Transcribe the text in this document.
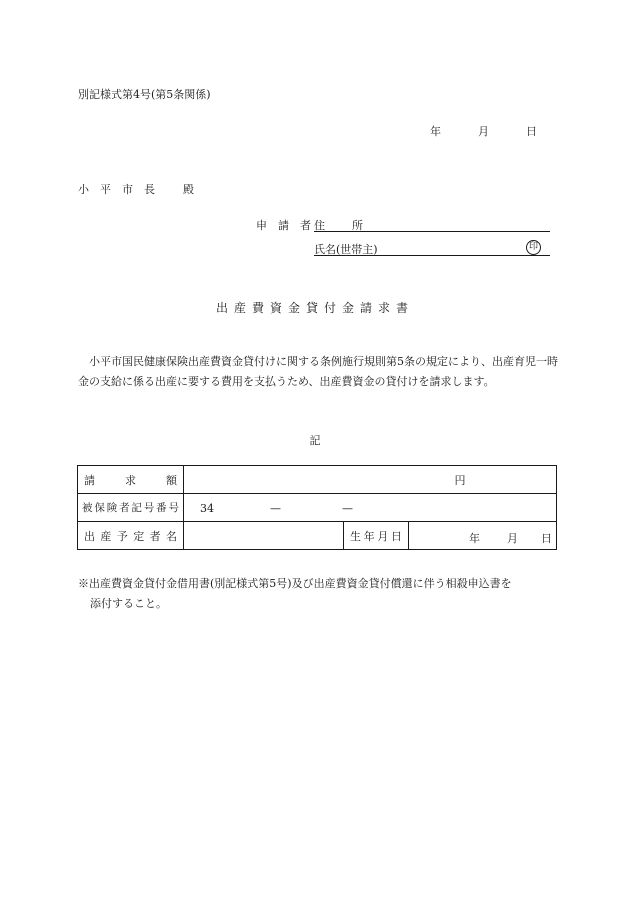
別記様式第4号(第5条関係)
年	月	日
小 平 市 長	殿
申 請 者 住 所
氏名(世帯主)	印
出産費資金貸付金請求書
小平市国民健康保険出産費資金貸付けに関する条例施行規則第5条の規定により、出産育児一時金の支給に係る出産に要する費用を支払うため、出産費資金の貸付けを請求します。
記
請求額	円		
被保険者記号番号	34 — —		

出産予定者名		生年月日	年 月 日
※出産費資金貸付金借用書(別記様式第5号)及び出産費資金貸付償還に伴う相殺申込書を
添付すること。
